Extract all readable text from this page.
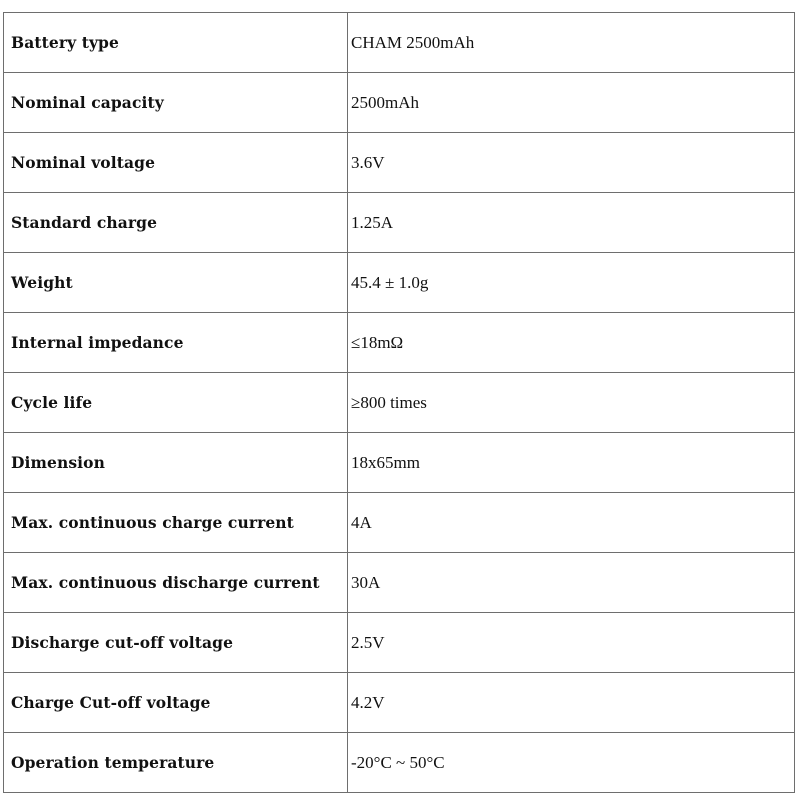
Battery type	CHAM 2500mAh
Nominal capacity	2500mAh
Nominal voltage	3.6V
Standard charge	1.25A
Weight	45.4 ± 1.0g
Internal impedance	≤18mΩ
Cycle life	≥800 times
Dimension	18x65mm
Max. continuous charge current	4A
Max. continuous discharge current	30A
Discharge cut-off voltage	2.5V
Charge Cut-off voltage	4.2V
Operation temperature	-20°C ~ 50°C
